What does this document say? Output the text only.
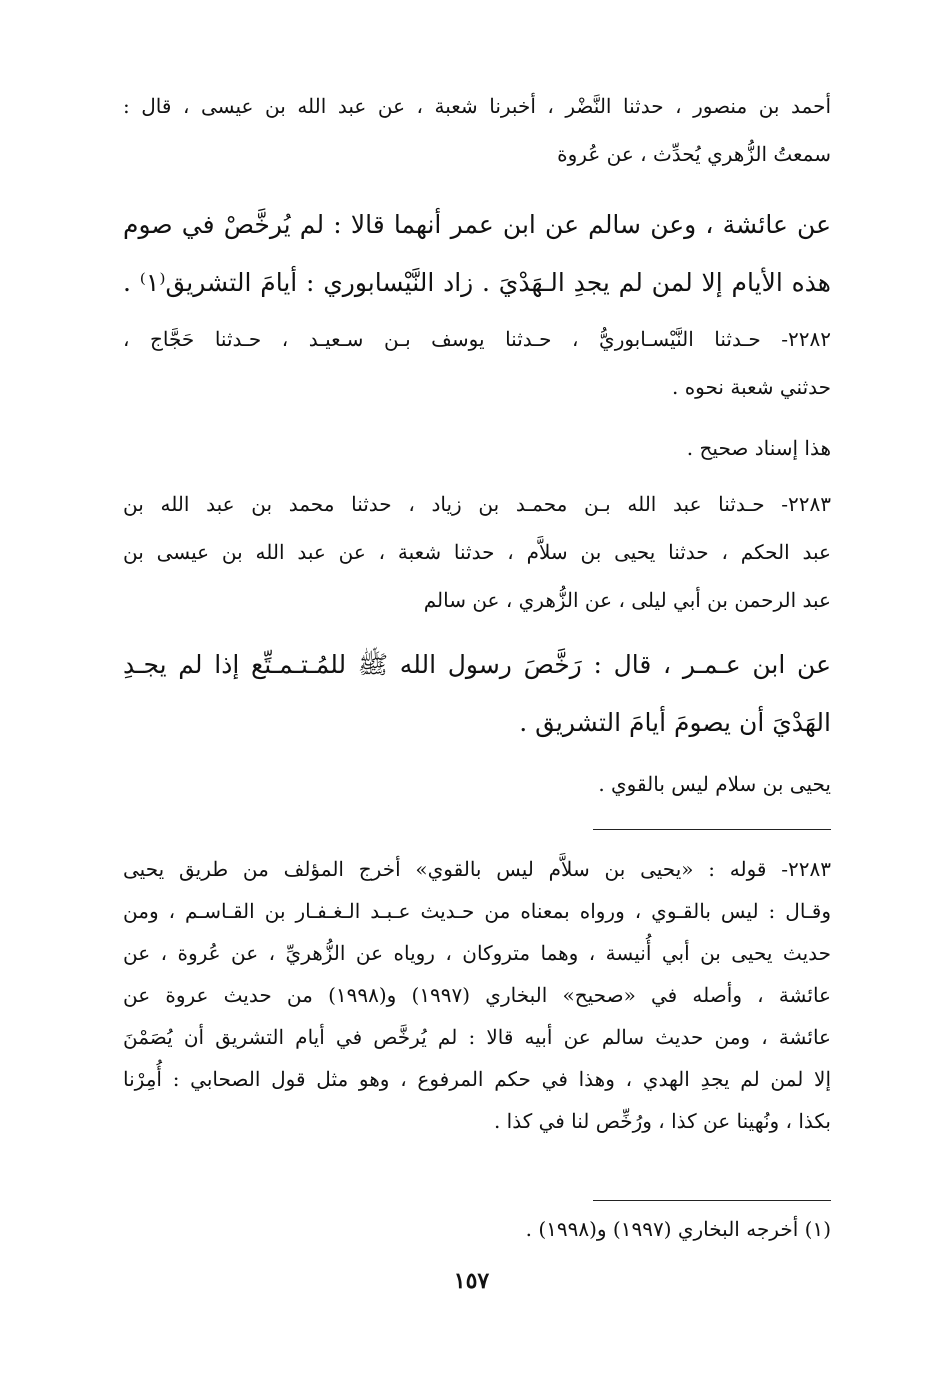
أحمد بن منصور ، حدثنا النَّضْر ، أخبرنا شعبة ، عن عبد الله بن عيسى ، قال :
سمعتُ الزُّهري يُحدِّث ، عن عُروة
عن عائشة ، وعن سالم عن ابن عمر أنهما قالا : لم يُرخَّصْ في صوم
هذه الأيام إلا لمن لم يجدِ الـهَدْيَ . زاد النَّيْسابوري : أيامَ التشريق⁽١⁾ .
٢٢٨٢- حـدثنا النَّيْسـابوريُّ ، حـدثنا يوسف بـن سـعيـد ، حـدثنا حَجَّاج ،
حدثني شعبة نحوه .
هذا إسناد صحيح .
٢٢٨٣- حـدثنا عبد الله بـن محمـد بن زياد ، حدثنا محمد بن عبد الله بن
عبد الحكم ، حدثنا يحيى بن سلاَّم ، حدثنا شعبة ، عن عبد الله بن عيسى بن
عبد الرحمن بن أبي ليلى ، عن الزُّهري ، عن سالم
عن ابن عـمـر ، قال : رَخَّصَ رسول الله ﷺ للمُـتـمـتِّع إذا لم يجـدِ
الهَدْيَ أن يصومَ أيامَ التشريق .
يحيى بن سلام ليس بالقوي .
٢٢٨٣- قوله : «يحيى بن سلاَّم ليس بالقوي» أخرج المؤلف من طريق يحيى
وقـال : ليس بالقـوي ، ورواه بمعناه من حـديث عـبـد الـغـفـار بن القـاسـم ، ومن
حديث يحيى بن أبي أُنيسة ، وهما متروكان ، روياه عن الزُّهريِّ ، عن عُروة ، عن
عائشة ، وأصله في «صحيح» البخاري (١٩٩٧) و(١٩٩٨) من حديث عروة عن
عائشة ، ومن حديث سالم عن أبيه قالا : لم يُرخَّص في أيام التشريق أن يُصَمْنَ
إلا لمن لم يجدِ الهدي ، وهذا في حكم المرفوع ، وهو مثل قول الصحابي : أُمِرْنا
بكذا ، ونُهينا عن كذا ، ورُخِّص لنا في كذا .
(١) أخرجه البخاري (١٩٩٧) و(١٩٩٨) .
١٥٧
